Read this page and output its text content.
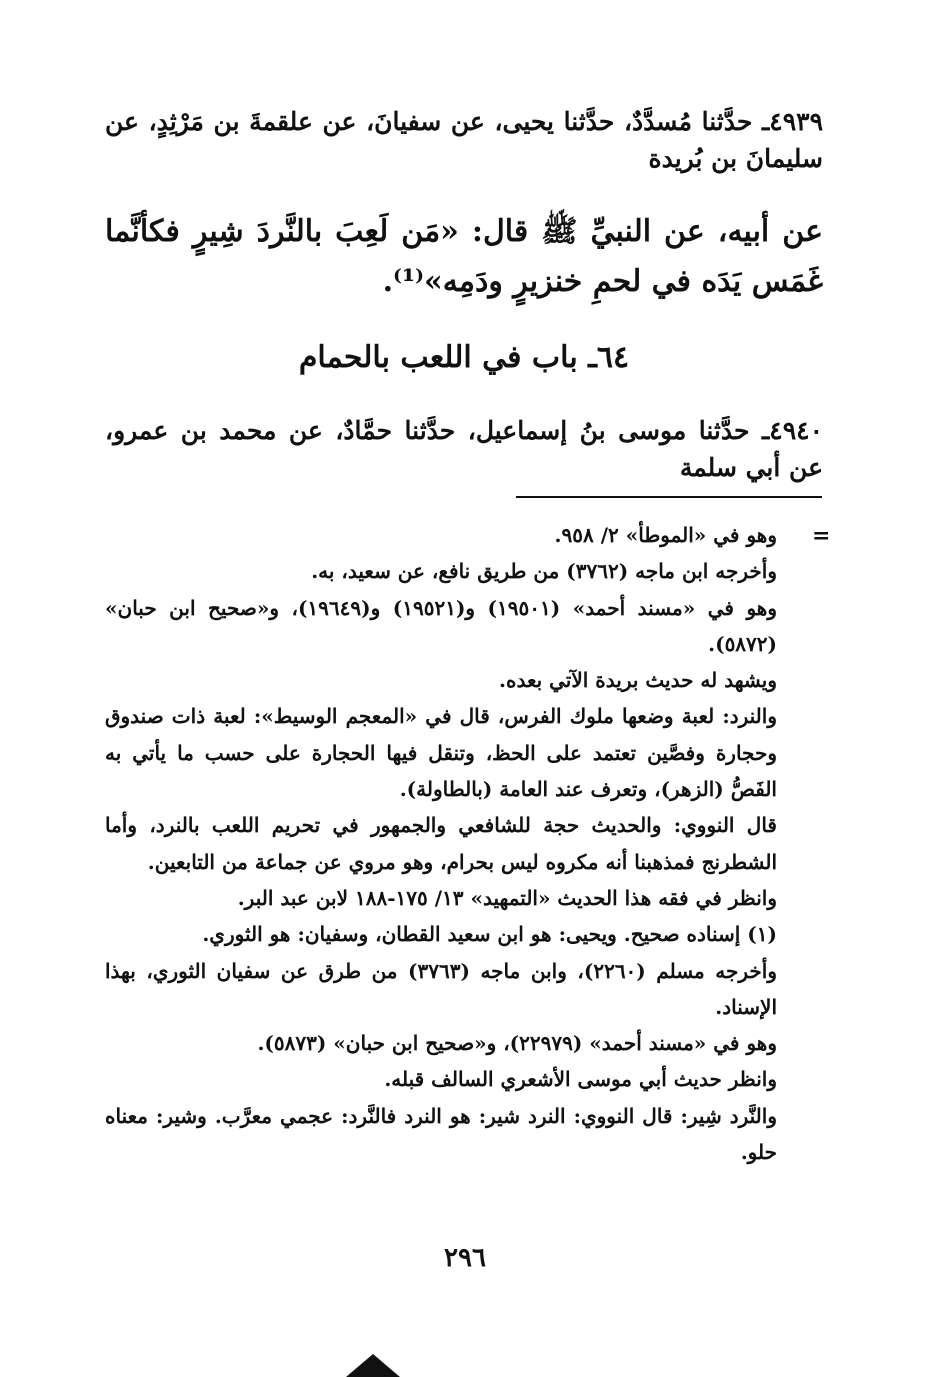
٤٩٣٩ـ حدَّثنا مُسدَّدٌ، حدَّثنا يحيى، عن سفيانَ، عن علقمةَ بن مَرْثِدٍ، عن سليمانَ بن بُريدة
عن أبيه، عن النبيِّ ﷺ قال: «مَن لَعِبَ بالنَّردَ شِيرٍ فكأنَّما غَمَس يَدَه في لحمِ خنزيرٍ ودَمِه»⁽¹⁾.
٦٤ـ باب في اللعب بالحمام
٤٩٤٠ـ حدَّثنا موسى بنُ إسماعيل، حدَّثنا حمَّادٌ، عن محمد بن عمرو، عن أبي سلمة
=

وهو في «الموطأ» ٢/ ٩٥٨.

وأخرجه ابن ماجه (٣٧٦٢) من طريق نافع، عن سعيد، به.

وهو في «مسند أحمد» (١٩٥٠١) و(١٩٥٢١) و(١٩٦٤٩)، و«صحيح ابن حبان» (٥٨٧٢).

ويشهد له حديث بريدة الآتي بعده.

والنرد: لعبة وضعها ملوك الفرس، قال في «المعجم الوسيط»: لعبة ذات صندوق وحجارة وفصَّين تعتمد على الحظ، وتنقل فيها الحجارة على حسب ما يأتي به الفَصُّ (الزهر)، وتعرف عند العامة (بالطاولة).

قال النووي: والحديث حجة للشافعي والجمهور في تحريم اللعب بالنرد، وأما الشطرنج فمذهبنا أنه مكروه ليس بحرام، وهو مروي عن جماعة من التابعين.

وانظر في فقه هذا الحديث «التمهيد» ١٣/ ١٧٥-١٨٨ لابن عبد البر.

(١) إسناده صحيح. ويحيى: هو ابن سعيد القطان، وسفيان: هو الثوري.

وأخرجه مسلم (٢٢٦٠)، وابن ماجه (٣٧٦٣) من طرق عن سفيان الثوري، بهذا الإسناد.

وهو في «مسند أحمد» (٢٢٩٧٩)، و«صحيح ابن حبان» (٥٨٧٣).

وانظر حديث أبي موسى الأشعري السالف قبله.

والنَّرد شِير: قال النووي: النرد شير: هو النرد فالنَّرد: عجمي معرَّب. وشير: معناه حلو.

٢٩٦
